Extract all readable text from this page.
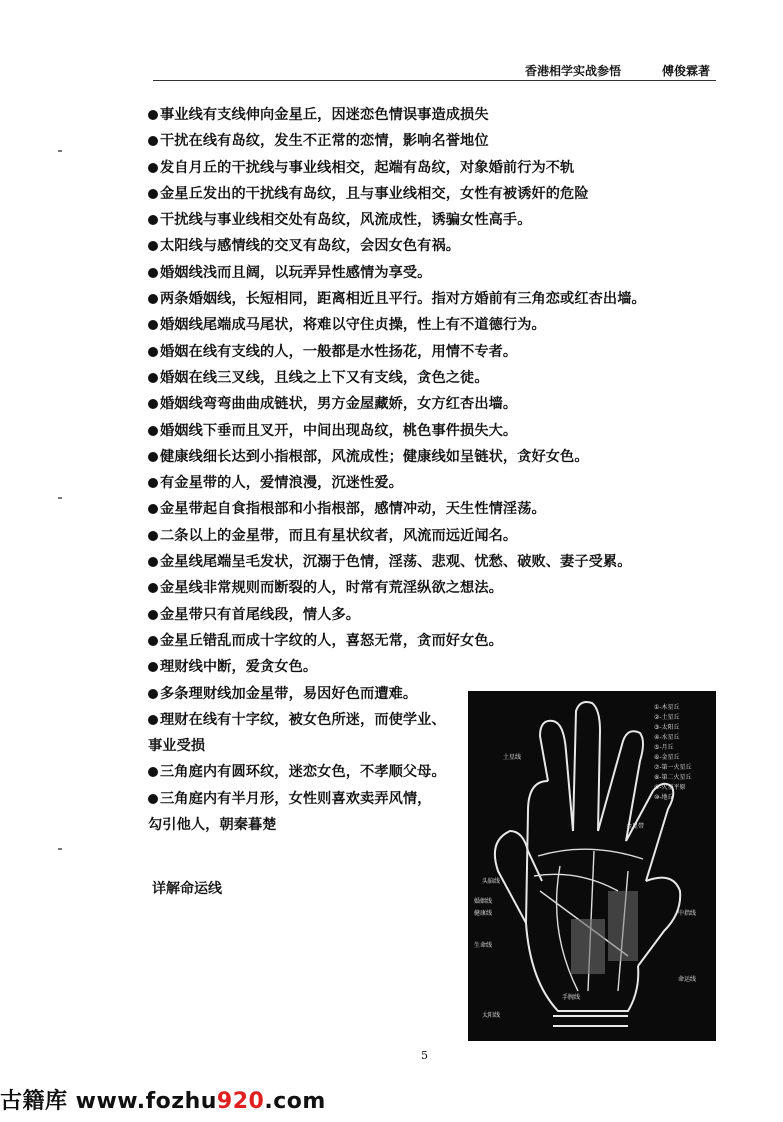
香港相学实战参悟	傅俊霖著
事业线有支线伸向金星丘，因迷恋色情误事造成损失
干扰在线有岛纹，发生不正常的恋情，影响名誉地位
发自月丘的干扰线与事业线相交，起端有岛纹，对象婚前行为不轨
金星丘发出的干扰线有岛纹，且与事业线相交，女性有被诱奸的危险
干扰线与事业线相交处有岛纹，风流成性，诱骗女性高手。
太阳线与感情线的交叉有岛纹，会因女色有祸。
婚姻线浅而且阔，以玩弄异性感情为享受。
两条婚姻线，长短相同，距离相近且平行。指对方婚前有三角恋或红杏出墙。
婚姻线尾端成马尾状，将难以守住贞操，性上有不道德行为。
婚姻在线有支线的人，一般都是水性扬花，用情不专者。
婚姻在线三叉线，且线之上下又有支线，贪色之徒。
婚姻线弯弯曲曲成链状，男方金屋藏娇，女方红杏出墙。
婚姻线下垂而且叉开，中间出现岛纹，桃色事件损失大。
健康线细长达到小指根部，风流成性；健康线如呈链状，贪好女色。
有金星带的人，爱情浪漫，沉迷性爱。
金星带起自食指根部和小指根部，感情冲动，天生性情淫荡。
二条以上的金星带，而且有星状纹者，风流而远近闻名。
金星线尾端呈毛发状，沉溺于色情，淫荡、悲观、忧愁、破败、妻子受累。
金星线非常规则而断裂的人，时常有荒淫纵欲之想法。
金星带只有首尾线段，情人多。
金星丘错乱而成十字纹的人，喜怒无常，贪而好女色。
理财线中断，爱贪女色。
多条理财线加金星带，易因好色而遭难。
理财在线有十字纹，被女色所迷，而使学业、
事业受损
三角庭内有圆环纹，迷恋女色，不孝顺父母。
三角庭内有半月形，女性则喜欢卖弄风情，
勾引他人，朝秦暮楚
详解命运线
①-木星丘
②-土星丘
③-太阳丘
④-水星丘
⑤-月丘
⑥-金星丘
⑦-第一火星丘
⑧-第二火星丘
⑨-火星平原
⑩-地丘
土星线
金星带
头脑线
婚姻线
健康线
生命线
中指线
命运线
手腕线
太阳线
5
古籍库 www.fozhu920.com
